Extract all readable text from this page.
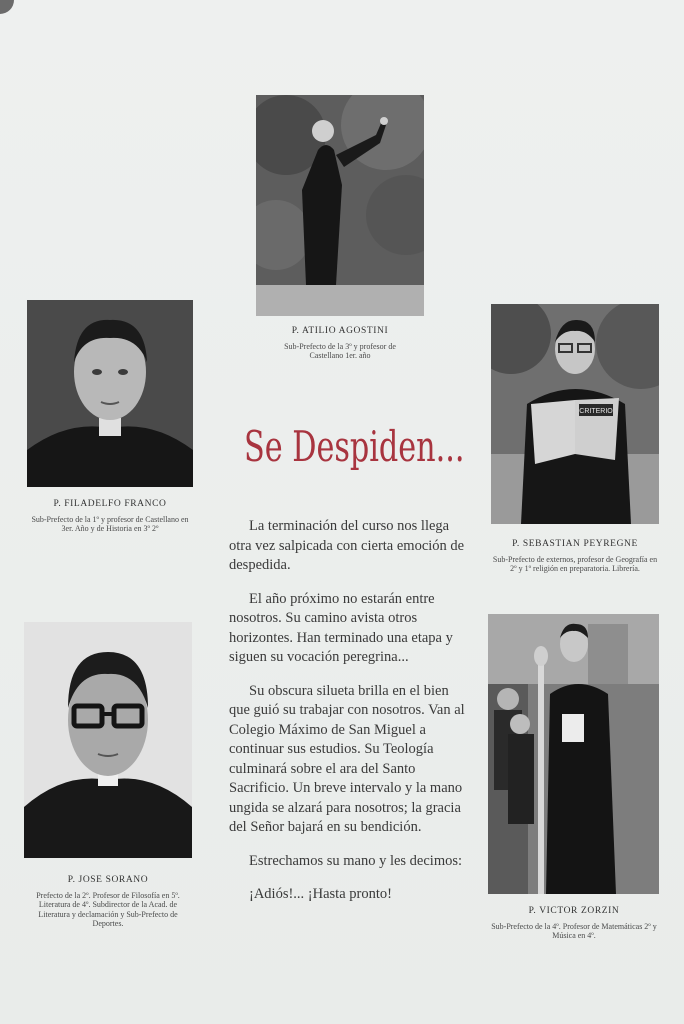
P. ATILIO AGOSTINI
Sub-Prefecto de la 3º y profesor de Castellano 1er. año
P. FILADELFO FRANCO
Sub-Prefecto de la 1º y profesor de Castellano en 3er. Año y de Historia en 3º 2º
CRITERIO
P. SEBASTIAN PEYREGNE
Sub-Prefecto de externos, profesor de Geografía en 2º y 1º religión en preparatoria. Librería.
P. JOSE SORANO
Prefecto de la 2º. Profesor de Filosofía en 5º. Literatura de 4º. Subdirector de la Acad. de Literatura y declamación y Sub-Prefecto de Deportes.
P. VICTOR ZORZIN
Sub-Prefecto de la 4º. Profesor de Matemáticas 2º y Música en 4º.
Se Despiden...

La terminación del curso nos llega otra vez salpicada con cierta emoción de despedida.

El año próximo no estarán entre nosotros. Su camino avista otros horizontes. Han terminado una etapa y siguen su vocación peregrina...

Su obscura silueta brilla en el bien que guió su trabajar con nosotros. Van al Colegio Máximo de San Miguel a continuar sus estudios. Su Teología culminará sobre el ara del Santo Sacrificio. Un breve intervalo y la mano ungida se alzará para nosotros; la gracia del Señor bajará en su bendición.

Estrechamos su mano y les decimos:

¡Adiós!... ¡Hasta pronto!
